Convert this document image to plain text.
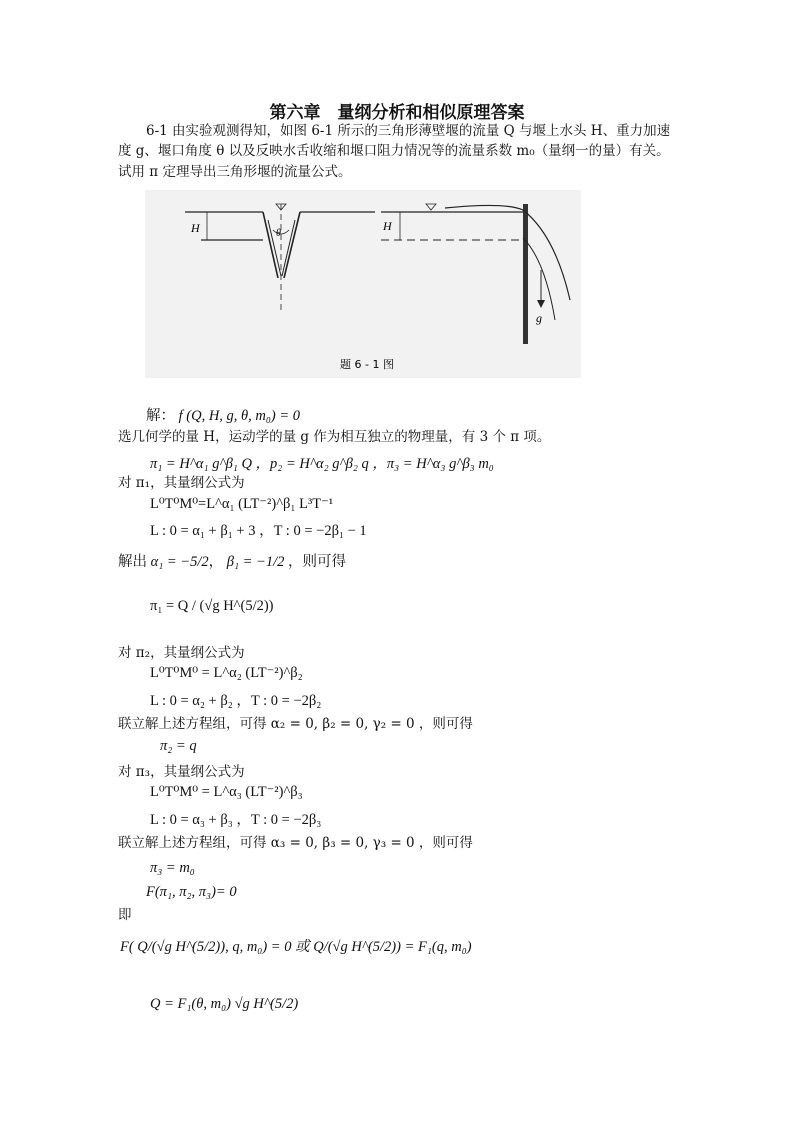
第六章　量纲分析和相似原理答案
6-1 由实验观测得知，如图 6-1 所示的三角形薄壁堰的流量 Q 与堰上水头 H、重力加速
度 g、堰口角度 θ 以及反映水舌收缩和堰口阻力情况等的流量系数 m₀（量纲一的量）有关。
试用 π 定理导出三角形堰的流量公式。
H	θ
H
g
题 6 - 1 图
解： f (Q, H, g, θ, m₀) = 0
选几何学的量 H，运动学的量 g 作为相互独立的物理量，有 3 个 π 项。
π₁ = H^α₁ g^β₁ Q ，p₂ = H^α₂ g^β₂ q ，π₃ = H^α₃ g^β₃ m₀
对 π₁，其量纲公式为
L⁰T⁰M⁰=L^α₁ (LT⁻²)^β₁ L³T⁻¹
L : 0 = α₁ + β₁ + 3 ，T : 0 = −2β₁ − 1
解出 α₁ = −5/2， β₁ = −1/2 ，则可得
π₁ = Q / (√g H^(5/2))
对 π₂，其量纲公式为
L⁰T⁰M⁰ = L^α₂ (LT⁻²)^β₂
L : 0 = α₂ + β₂ ，T : 0 = −2β₂
联立解上述方程组，可得 α₂ = 0, β₂ = 0, γ₂ = 0 ，则可得
π₂ = q
对 π₃，其量纲公式为
L⁰T⁰M⁰ = L^α₃ (LT⁻²)^β₃
L : 0 = α₃ + β₃ ，T : 0 = −2β₃
联立解上述方程组，可得 α₃ = 0, β₃ = 0, γ₃ = 0 ，则可得
π₃ = m₀
F(π₁, π₂, π₃)= 0
即
F( Q/(√g H^(5/2)), q, m₀) = 0 或 Q/(√g H^(5/2)) = F₁(q, m₀)
Q = F₁(θ, m₀) √g H^(5/2)
